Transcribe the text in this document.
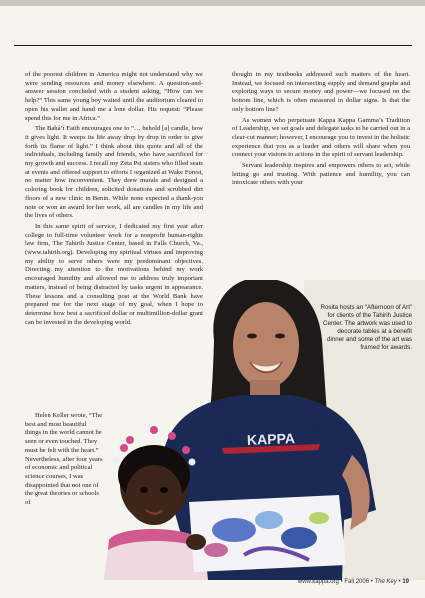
of the poorest children in America might not understand why we were sending resources and money elsewhere. A question-and-answer session concluded with a student asking, “How can we help?” This same young boy waited until the auditorium cleared to open his wallet and hand me a lone dollar. His request: “Please spend this for me in Africa.”

The Bahá’í Faith encourages one to “… behold [a] candle, how it gives light. It weeps its life away drop by drop in order to give forth its flame of light.” I think about this quote and all of the individuals, including family and friends, who have sacrificed for my growth and success. I recall my Zeta Psi sisters who filled seats at events and offered support to efforts I organized at Wake Forest, no matter how inconvenient. They drew murals and designed a coloring book for children, solicited donations and scrubbed dirt floors of a new clinic in Benin. While none expected a thank-you note or won an award for her work, all are candles in my life and the lives of others.

In this same spirit of service, I dedicated my first year after college to full-time volunteer work for a nonprofit human-rights law firm, The Tahirih Justice Center, based in Falls Church, Va., (www.tahirih.org). Developing my spiritual virtues and improving my ability to serve others were my predominant objectives. Directing my attention to the motivations behind my work encouraged humility and allowed me to address truly important matters, instead of being distracted by tasks urgent in appearance. These lessons and a consulting post at the World Bank have prepared me for the next stage of my goal, when I hope to determine how best a sacrificed dollar or multimillion-dollar grant can be invested in the developing world.

Helen Keller wrote, “The best and most beautiful things in the world cannot be seen or even touched. They must be felt with the heart.” Nevertheless, after four years of economic and political science courses, I was disappointed that not one of the great theories or schools of

thought in my textbooks addressed such matters of the heart. Instead, we focused on intersecting supply and demand graphs and exploring ways to secure money and power—we focused on the bottom line, which is often measured in dollar signs. Is that the only bottom line?

As women who perpetuate Kappa Kappa Gamma’s Tradition of Leadership, we set goals and delegate tasks to be carried out in a clear-cut manner; however, I encourage you to invest in the holistic experience that you as a leader and others will share when you connect your visions to actions in the spirit of servant leadership.

Servant leadership inspires and empowers others to act, while letting go and trusting. With patience and humility, you can intoxicate others with your

KAPPA
Rosita hosts an “Afternoon of Art” for clients of the Tahirih Justice Center. The artwork was used to decorate tables at a benefit dinner and some of the art was framed for awards.
www.kappa.org • Fall 2006 • The Key • 19
